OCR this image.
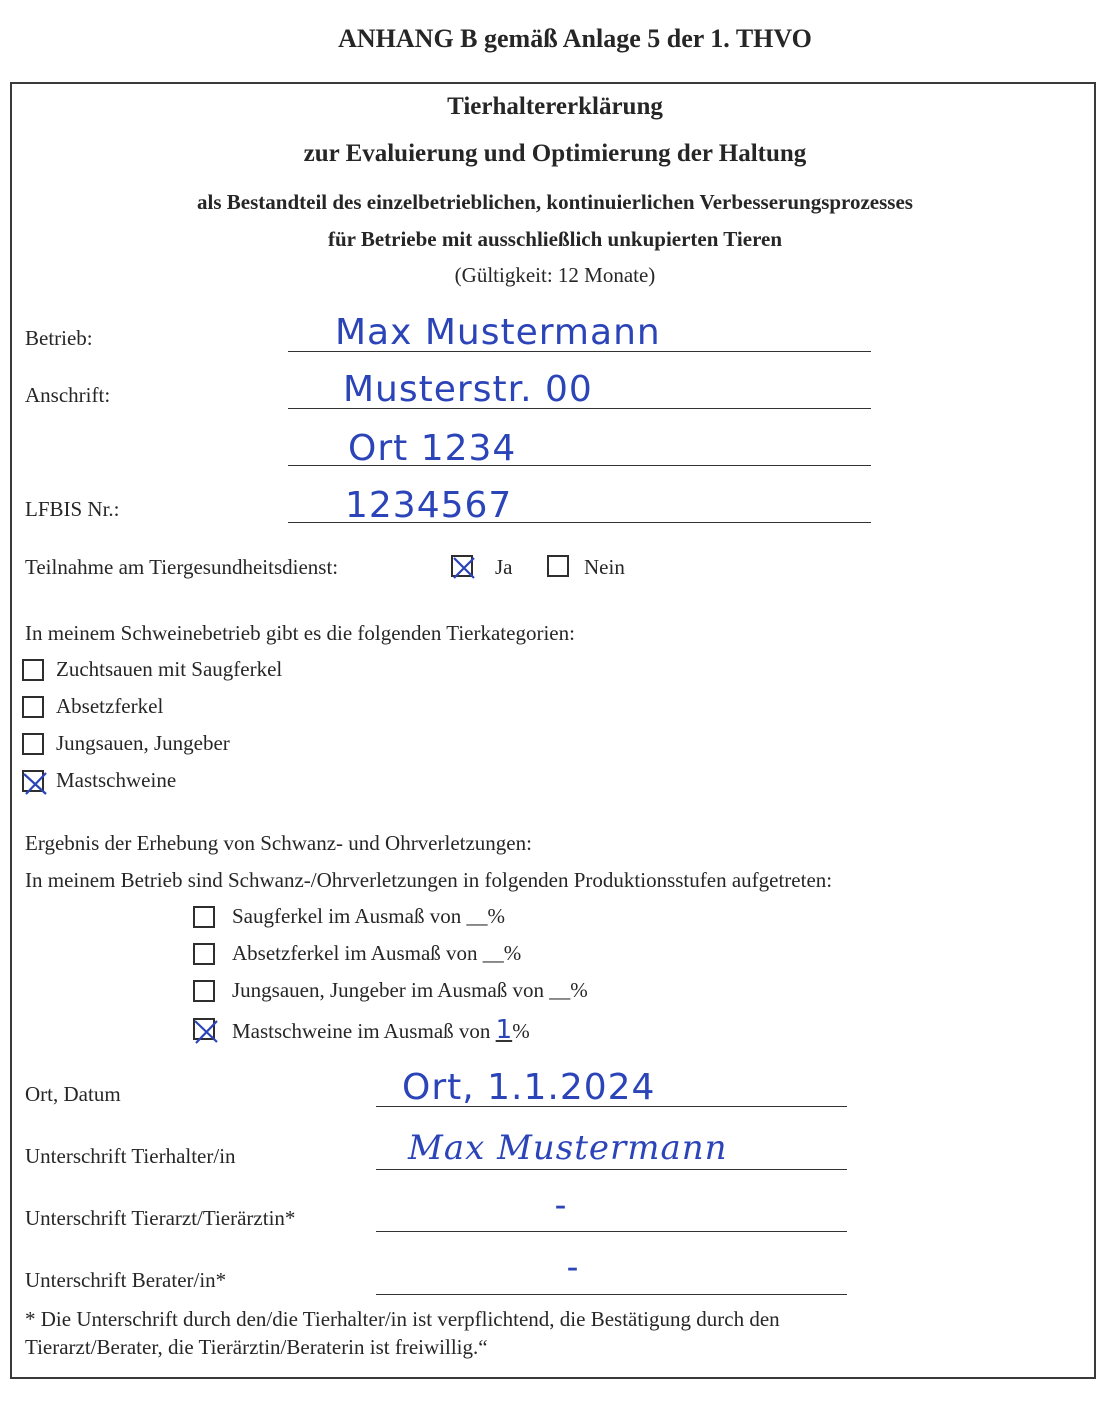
ANHANG B gemäß Anlage 5 der 1. THVO
Tierhaltererklärung
zur Evaluierung und Optimierung der Haltung
als Bestandteil des einzelbetrieblichen, kontinuierlichen Verbesserungsprozesses
für Betriebe mit ausschließlich unkupierten Tieren
(Gültigkeit: 12 Monate)
Betrieb:	Max Mustermann
Anschrift:	Musterstr. 00
Ort 1234
LFBIS Nr.:	1234567
Teilnahme am Tiergesundheitsdienst:	Ja	Nein
In meinem Schweinebetrieb gibt es die folgenden Tierkategorien:
Zuchtsauen mit Saugferkel
Absetzferkel
Jungsauen, Jungeber
Mastschweine
Ergebnis der Erhebung von Schwanz- und Ohrverletzungen:
In meinem Betrieb sind Schwanz-/Ohrverletzungen in folgenden Produktionsstufen aufgetreten:
Saugferkel im Ausmaß von __%
Absetzferkel im Ausmaß von __%
Jungsauen, Jungeber im Ausmaß von __%
Mastschweine im Ausmaß von 1%
Ort, Datum	Ort, 1.1.2024
Unterschrift Tierhalter/in	Max Mustermann
Unterschrift Tierarzt/Tierärztin*	–
Unterschrift Berater/in*	–
* Die Unterschrift durch den/die Tierhalter/in ist verpflichtend, die Bestätigung durch den
Tierarzt/Berater, die Tierärztin/Beraterin ist freiwillig.“
